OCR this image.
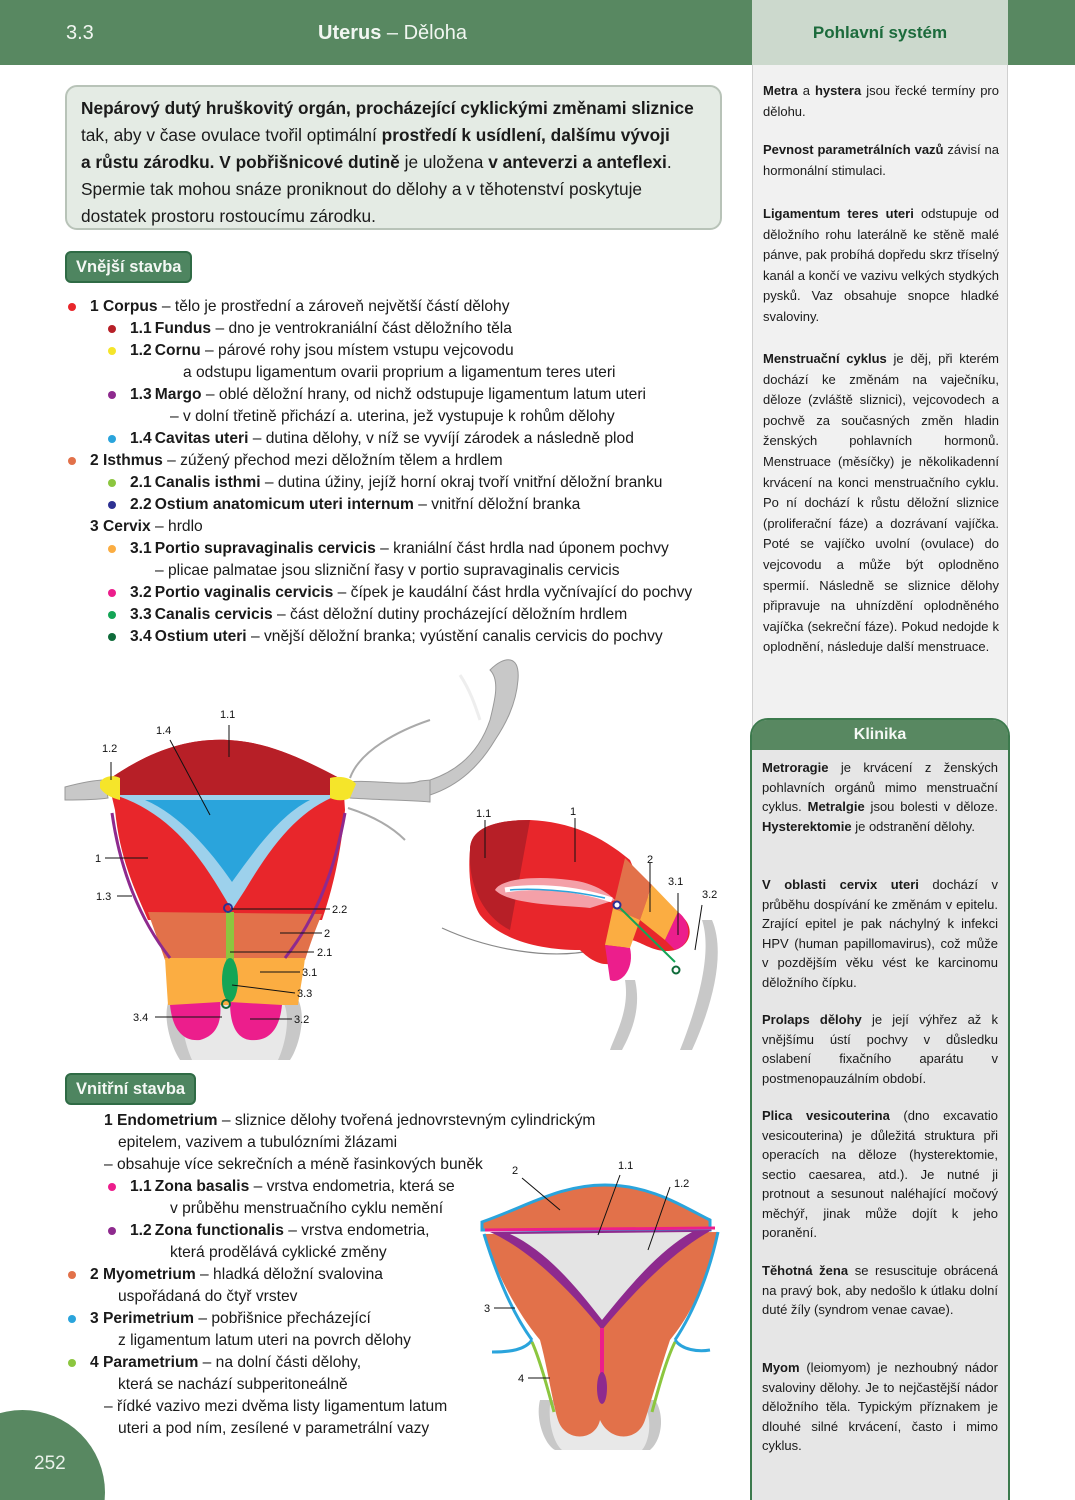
3.3	Uterus – Děloha	Pohlavní systém
Metra a hystera jsou řecké termíny pro dělohu.
Pevnost parametrálních vazů závisí na hormonální stimulaci.
Ligamentum teres uteri odstupuje od děložního rohu laterálně ke stěně malé pánve, pak probíhá dopředu skrz tříselný kanál a končí ve vazivu velkých stydkých pysků. Vaz obsahuje snopce hladké svaloviny.
Menstruační cyklus je děj, při kterém dochází ke změnám na vaječníku, děloze (zvláště sliznici), vejcovodech a pochvě za současných změn hladin ženských pohlavních hormonů. Menstruace (měsíčky) je několikadenní krvácení na konci menstruačního cyklu. Po ní dochází k růstu děložní sliznice (proliferační fáze) a dozrávaní vajíčka. Poté se vajíčko uvolní (ovulace) do vejcovodu a může být oplodněno spermií. Následně se sliznice dělohy připravuje na uhnízdění oplodněného vajíčka (sekreční fáze). Pokud nedojde k oplodnění, následuje další menstruace.
Klinika
Metroragie je krvácení z ženských pohlavních orgánů mimo menstruační cyklus. Metralgie jsou bolesti v děloze. Hysterektomie je odstranění dělohy.
V oblasti cervix uteri dochází v průběhu dospívání ke změnám v epitelu. Zrající epitel je pak náchylný k infekci HPV (human papillomavirus), což může v pozdějším věku vést ke karcinomu děložního čípku.
Prolaps dělohy je její výhřez až k vnějšímu ústí pochvy v důsledku oslabení fixačního aparátu v postmenopauzálním období.
Plica vesicouterina (dno excavatio vesicouterina) je důležitá struktura při operacích na děloze (hysterektomie, sectio caesarea, atd.). Je nutné ji protnout a sesunout naléhající močový měchýř, jinak může dojít k jeho poranění.
Těhotná žena se resuscituje obrácená na pravý bok, aby nedošlo k útlaku dolní duté žíly (syndrom venae cavae).
Myom (leiomyom) je nezhoubný nádor svaloviny dělohy. Je to nejčastější nádor děložního těla. Typickým příznakem je dlouhé silné krvácení, často i mimo cyklus.
Nepárový dutý hruškovitý orgán, procházející cyklickými změnami sliznice
tak, aby v čase ovulace tvořil optimální prostředí k usídlení, dalšímu vývoji
a růstu zárodku. V pobřišnicové dutině je uložena v anteverzi a anteflexi.
Spermie tak mohou snáze proniknout do dělohy a v těhotenství poskytuje
dostatek prostoru rostoucímu zárodku.
Vnější stavba
1 Corpus – tělo je prostřední a zároveň největší částí dělohy
1.1 Fundus – dno je ventrokraniální část děložního těla
1.2 Cornu – párové rohy jsou místem vstupu vejcovodu
a odstupu ligamentum ovarii proprium a ligamentum teres uteri
1.3 Margo – oblé děložní hrany, od nichž odstupuje ligamentum latum uteri
– v dolní třetině přichází a. uterina, jež vystupuje k rohům dělohy
1.4 Cavitas uteri – dutina dělohy, v níž se vyvíjí zárodek a následně plod
2 Isthmus – zúžený přechod mezi děložním tělem a hrdlem
2.1 Canalis isthmi – dutina úžiny, jejíž horní okraj tvoří vnitřní děložní branku
2.2 Ostium anatomicum uteri internum – vnitřní děložní branka
3 Cervix – hrdlo
3.1 Portio supravaginalis cervicis – kraniální část hrdla nad úponem pochvy
– plicae palmatae jsou slizniční řasy v portio supravaginalis cervicis
3.2 Portio vaginalis cervicis – čípek je kaudální část hrdla vyčnívající do pochvy
3.3 Canalis cervicis – část děložní dutiny procházející děložním hrdlem
3.4 Ostium uteri – vnější děložní branka; vyústění canalis cervicis do pochvy
1.1
1.4
1.2
1
1.3
2.2
2
2.1
3.1
3.3
3.4	3.2
1.1	1
2
3.1
3.2
Vnitřní stavba
1 Endometrium – sliznice dělohy tvořená jednovrstevným cylindrickým
epitelem, vazivem a tubulózními žlázami
– obsahuje více sekrečních a méně řasinkových buněk
1.1 Zona basalis – vrstva endometria, která se
v průběhu menstruačního cyklu nemění
1.2 Zona functionalis – vrstva endometria,
která prodělává cyklické změny
2 Myometrium – hladká děložní svalovina
uspořádaná do čtyř vrstev
3 Perimetrium – pobřišnice přecházející
z ligamentum latum uteri na povrch dělohy
4 Parametrium – na dolní části dělohy,
která se nachází subperitoneálně
– řídké vazivo mezi dvěma listy ligamentum latum
uteri a pod ním, zesílené v parametrální vazy
2	1.1
1.2
3
4
252
